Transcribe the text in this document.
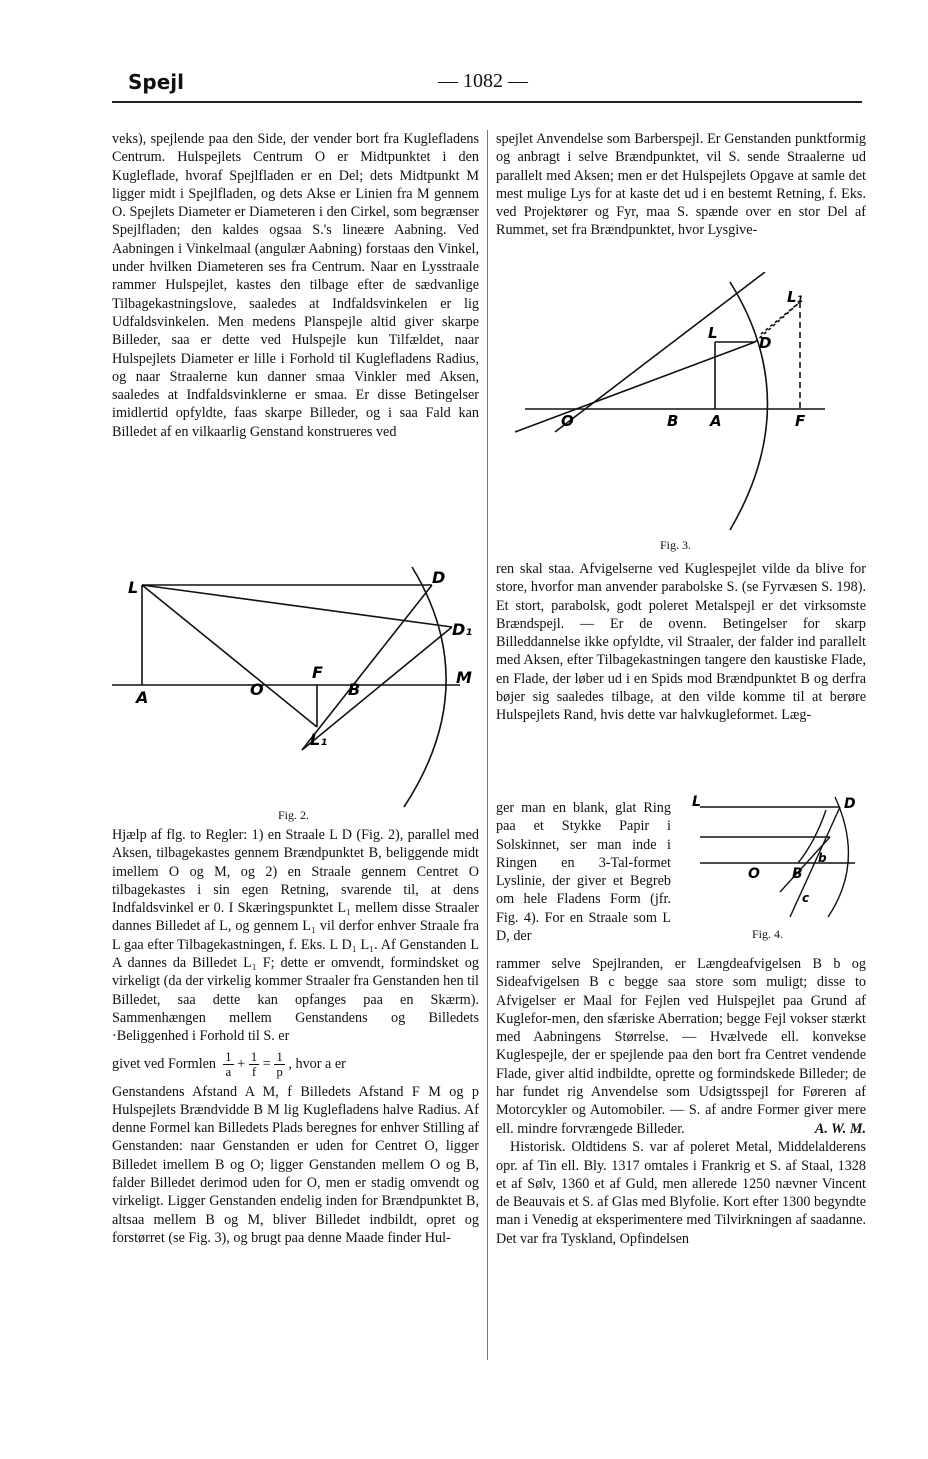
Spejl	— 1082 —

veks), spejlende paa den Side, der vender bort fra Kuglefladens Centrum. Hulspejlets Centrum O er Midtpunktet i den Kugleflade, hvoraf Spejlfladen er en Del; dets Midtpunkt M ligger midt i Spejlfladen, og dets Akse er Linien fra M gennem O. Spejlets Diameter er Diameteren i den Cirkel, som begrænser Spejlfladen; den kaldes ogsaa S.'s lineære Aabning. Ved Aabningen i Vinkelmaal (angulær Aabning) forstaas den Vinkel, under hvilken Diameteren ses fra Centrum. Naar en Lysstraale rammer Hulspejlet, kastes den tilbage efter de sædvanlige Tilbagekastningslove, saaledes at Indfaldsvinkelen er lig Udfaldsvinkelen. Men medens Planspejle altid giver skarpe Billeder, saa er dette ved Hulspejle kun Tilfældet, naar Hulspejlets Diameter er lille i Forhold til Kuglefladens Radius, og naar Straalerne kun danner smaa Vinkler med Aksen, saaledes at Indfaldsvinklerne er smaa. Er disse Betingelser imidlertid opfyldte, faas skarpe Billeder, og i saa Fald kan Billedet af en vilkaarlig Genstand konstrueres ved

L
D
D₁
A	O
F
B
M
L₁
Fig. 2.

Hjælp af flg. to Regler: 1) en Straale L D (Fig. 2), parallel med Aksen, tilbagekastes gennem Brændpunktet B, beliggende midt imellem O og M, og 2) en Straale gennem Centret O tilbagekastes i sin egen Retning, svarende til, at dens Indfaldsvinkel er 0. I Skæringspunktet L₁ mellem disse Straaler dannes Billedet af L, og gennem L₁ vil derfor enhver Straale fra L gaa efter Tilbagekastningen, f. Eks. L D₁ L₁. Af Genstanden L A dannes da Billedet L₁ F; dette er omvendt, formindsket og virkeligt (da der virkelig kommer Straaler fra Genstanden hen til Billedet, saa dette kan opfanges paa en Skærm). Sammenhængen mellem Genstandens og Billedets ·Beliggenhed i Forhold til S. er

givet ved Formlen $\frac{1}{a} + \frac{1}{f} = \frac{1}{p}$ , hvor a er

Genstandens Afstand A M, f Billedets Afstand F M og p Hulspejlets Brændvidde B M lig Kuglefladens halve Radius. Af denne Formel kan Billedets Plads beregnes for enhver Stilling af Genstanden: naar Genstanden er uden for Centret O, ligger Billedet imellem B og O; ligger Genstanden mellem O og B, falder Billedet derimod uden for O, men er stadig omvendt og virkeligt. Ligger Genstanden endelig inden for Brændpunktet B, altsaa mellem B og M, bliver Billedet indbildt, opret og forstørret (se Fig. 3), og brugt paa denne Maade finder Hul-

spejlet Anvendelse som Barberspejl. Er Genstanden punktformig og anbragt i selve Brændpunktet, vil S. sende Straalerne ud parallelt med Aksen; men er det Hulspejlets Opgave at samle det mest mulige Lys for at kaste det ud i en bestemt Retning, f. Eks. ved Projektører og Fyr, maa S. spænde over en stor Del af Rummet, set fra Brændpunktet, hvor Lysgive-

L
L₁
D
O	B A	F
Fig. 3.

ren skal staa. Afvigelserne ved Kuglespejlet vilde da blive for store, hvorfor man anvender parabolske S. (se Fyrvæsen S. 198). Et stort, parabolsk, godt poleret Metalspejl er det virksomste Brændspejl. — Er de ovenn. Betingelser for skarp Billeddannelse ikke opfyldte, vil Straaler, der falder ind parallelt med Aksen, efter Tilbagekastningen tangere den kaustiske Flade, en Flade, der løber ud i en Spids mod Brændpunktet B og derfra bøjer sig saaledes tilbage, at den vilde komme til at berøre Hulspejlets Rand, hvis dette var halvkugleformet. Læg-

ger man en blank, glat Ring paa et Stykke Papir i Solskinnet, ser man inde i Ringen en 3-Tal-formet Lyslinie, der giver et Begreb om hele Fladens Form (jfr. Fig. 4). For en Straale som L D, der

L	D
O B
b
c
Fig. 4.

rammer selve Spejlranden, er Længdeafvigelsen B b og Sideafvigelsen B c begge saa store som muligt; disse to Afvigelser er Maal for Fejlen ved Hulspejlet paa Grund af Kuglefor-men, den sfæriske Aberration; begge Fejl vokser stærkt med Aabningens Størrelse. — Hvælvede ell. konvekse Kuglespejle, der er spejlende paa den bort fra Centret vendende Flade, giver altid indbildte, oprette og formindskede Billeder; de har fundet rig Anvendelse som Udsigtsspejl for Føreren af Motorcykler og Automobiler. — S. af andre Former giver mere ell. mindre forvrængede Billeder.	A. W. M.

Historisk. Oldtidens S. var af poleret Metal, Middelalderens opr. af Tin ell. Bly. 1317 omtales i Frankrig et S. af Staal, 1328 et af Sølv, 1360 et af Guld, men allerede 1250 nævner Vincent de Beauvais et S. af Glas med Blyfolie. Kort efter 1300 begyndte man i Venedig at eksperimentere med Tilvirkningen af saadanne. Det var fra Tyskland, Opfindelsen
